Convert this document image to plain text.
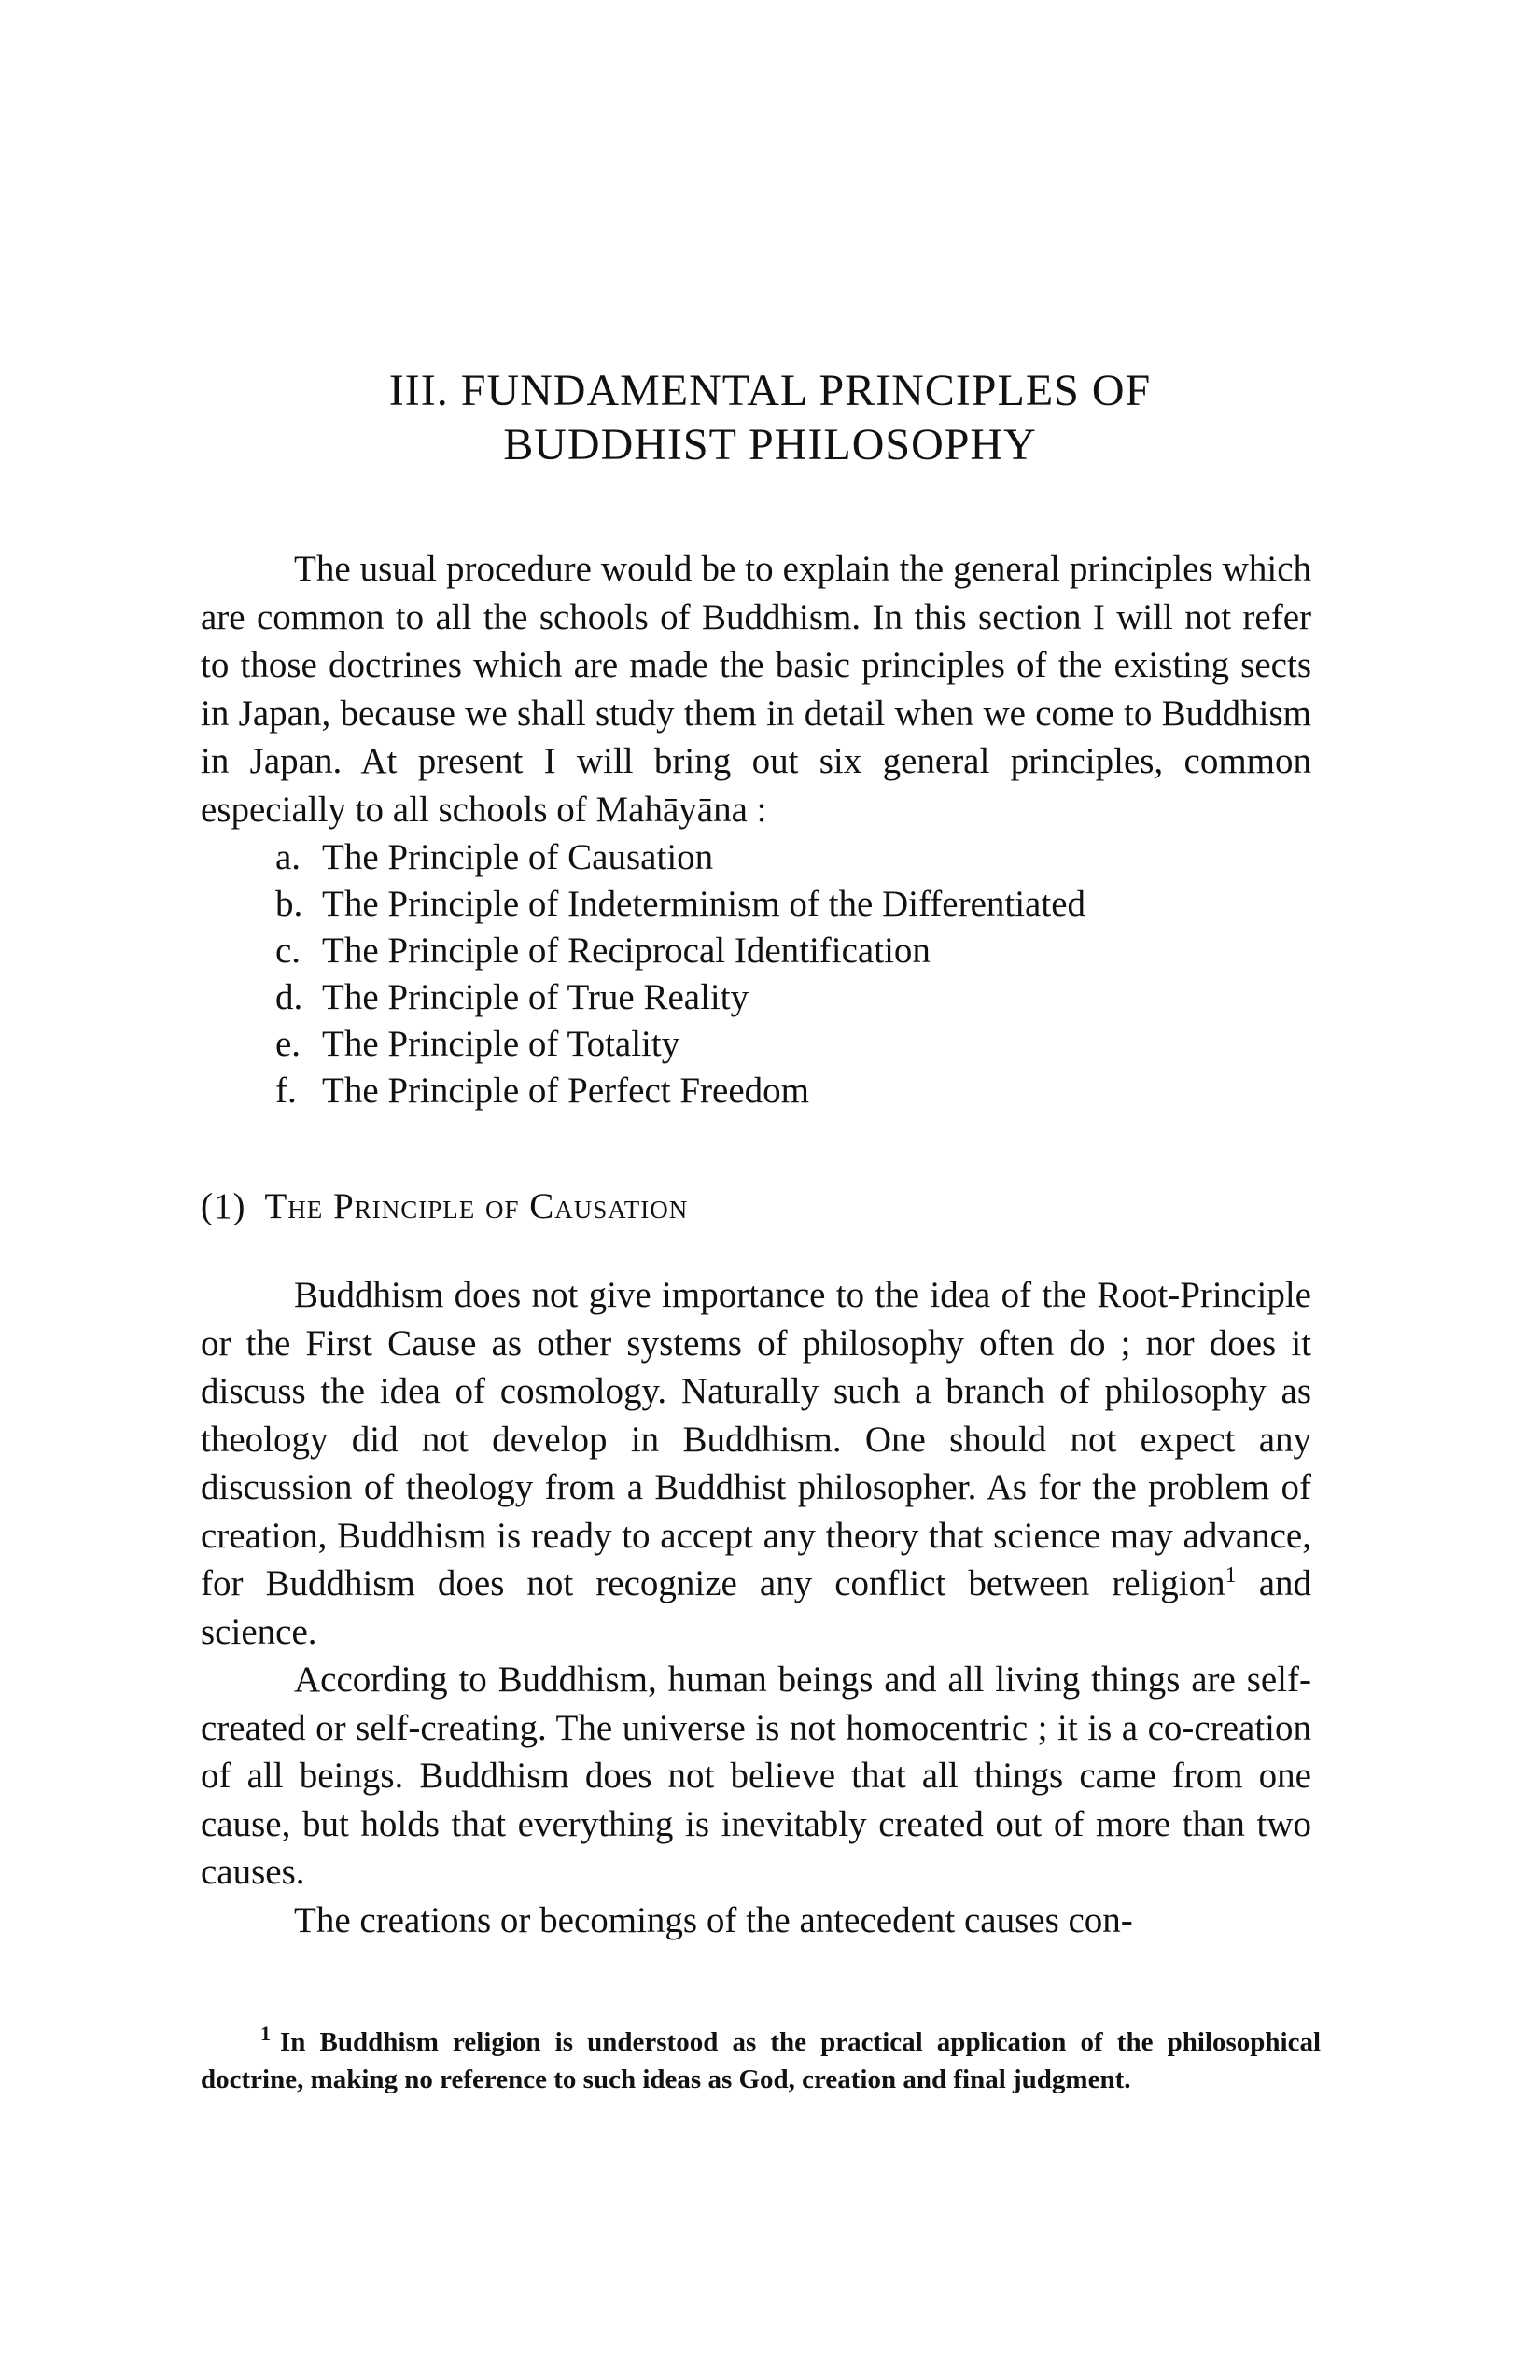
III. FUNDAMENTAL PRINCIPLES OF
BUDDHIST PHILOSOPHY

The usual procedure would be to explain the general principles which are common to all the schools of Buddhism. In this section I will not refer to those doctrines which are made the basic principles of the existing sects in Japan, because we shall study them in detail when we come to Buddhism in Japan. At present I will bring out six general principles, common especially to all schools of Mahāyāna :

a. The Principle of Causation
b. The Principle of Indeterminism of the Differentiated
c. The Principle of Reciprocal Identification
d. The Principle of True Reality
e. The Principle of Totality
f. The Principle of Perfect Freedom
(1) The Principle of Causation

Buddhism does not give importance to the idea of the Root-Principle or the First Cause as other systems of philosophy often do ; nor does it discuss the idea of cosmology. Naturally such a branch of philosophy as theology did not develop in Buddhism. One should not expect any discussion of theology from a Buddhist philosopher. As for the problem of creation, Buddhism is ready to accept any theory that science may advance, for Buddhism does not recognize any conflict between religion$^1$ and science.

According to Buddhism, human beings and all living things are self-created or self-creating. The universe is not homocentric ; it is a co-creation of all beings. Buddhism does not believe that all things came from one cause, but holds that everything is inevitably created out of more than two causes.

The creations or becomings of the antecedent causes con-

$^1$ In Buddhism religion is understood as the practical application of the philosophical doctrine, making no reference to such ideas as God, creation and final judgment.
